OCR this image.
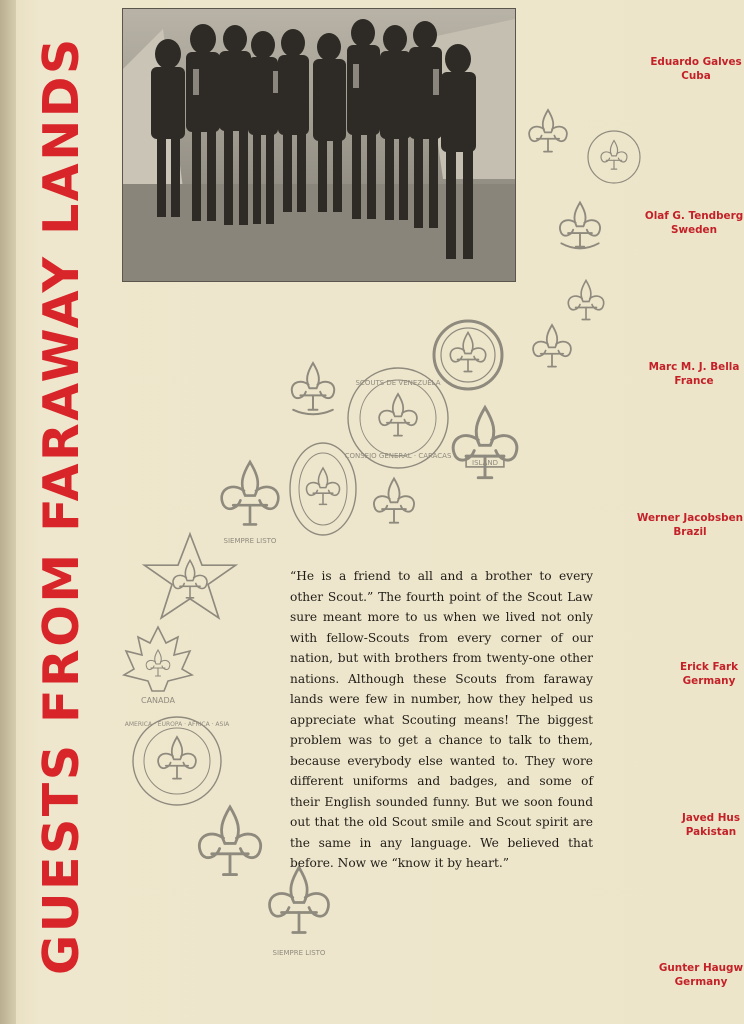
GUESTS FROM FARAWAY LANDS	SCOUTS DE VENEZUELA
CONSEJO GENERAL · CARACAS
ISLAND
SIEMPRE LISTO
CANADA
AMERICA · EUROPA · AFRICA · ASIA
SIEMPRE LISTO
“He is a friend to all and a brother to every other Scout.” The fourth point of the Scout Law sure meant more to us when we lived not only with fellow-Scouts from every corner of our nation, but with brothers from twenty-one other nations. Although these Scouts from faraway lands were few in number, how they helped us appreciate what Scouting means! The biggest problem was to get a chance to talk to them, because everybody else wanted to. They wore different uniforms and badges, and some of their English sounded funny. But we soon found out that the old Scout smile and Scout spirit are the same in any language. We believed that before. Now we “know it by heart.”
Eduardo Galves
Cuba
Olaf G. Tendberg
Sweden
Marc M. J. Bella
France
Werner Jacobsben
Brazil
Erick Fark
Germany
Javed Hus
Pakistan
Gunter Haugw
Germany
